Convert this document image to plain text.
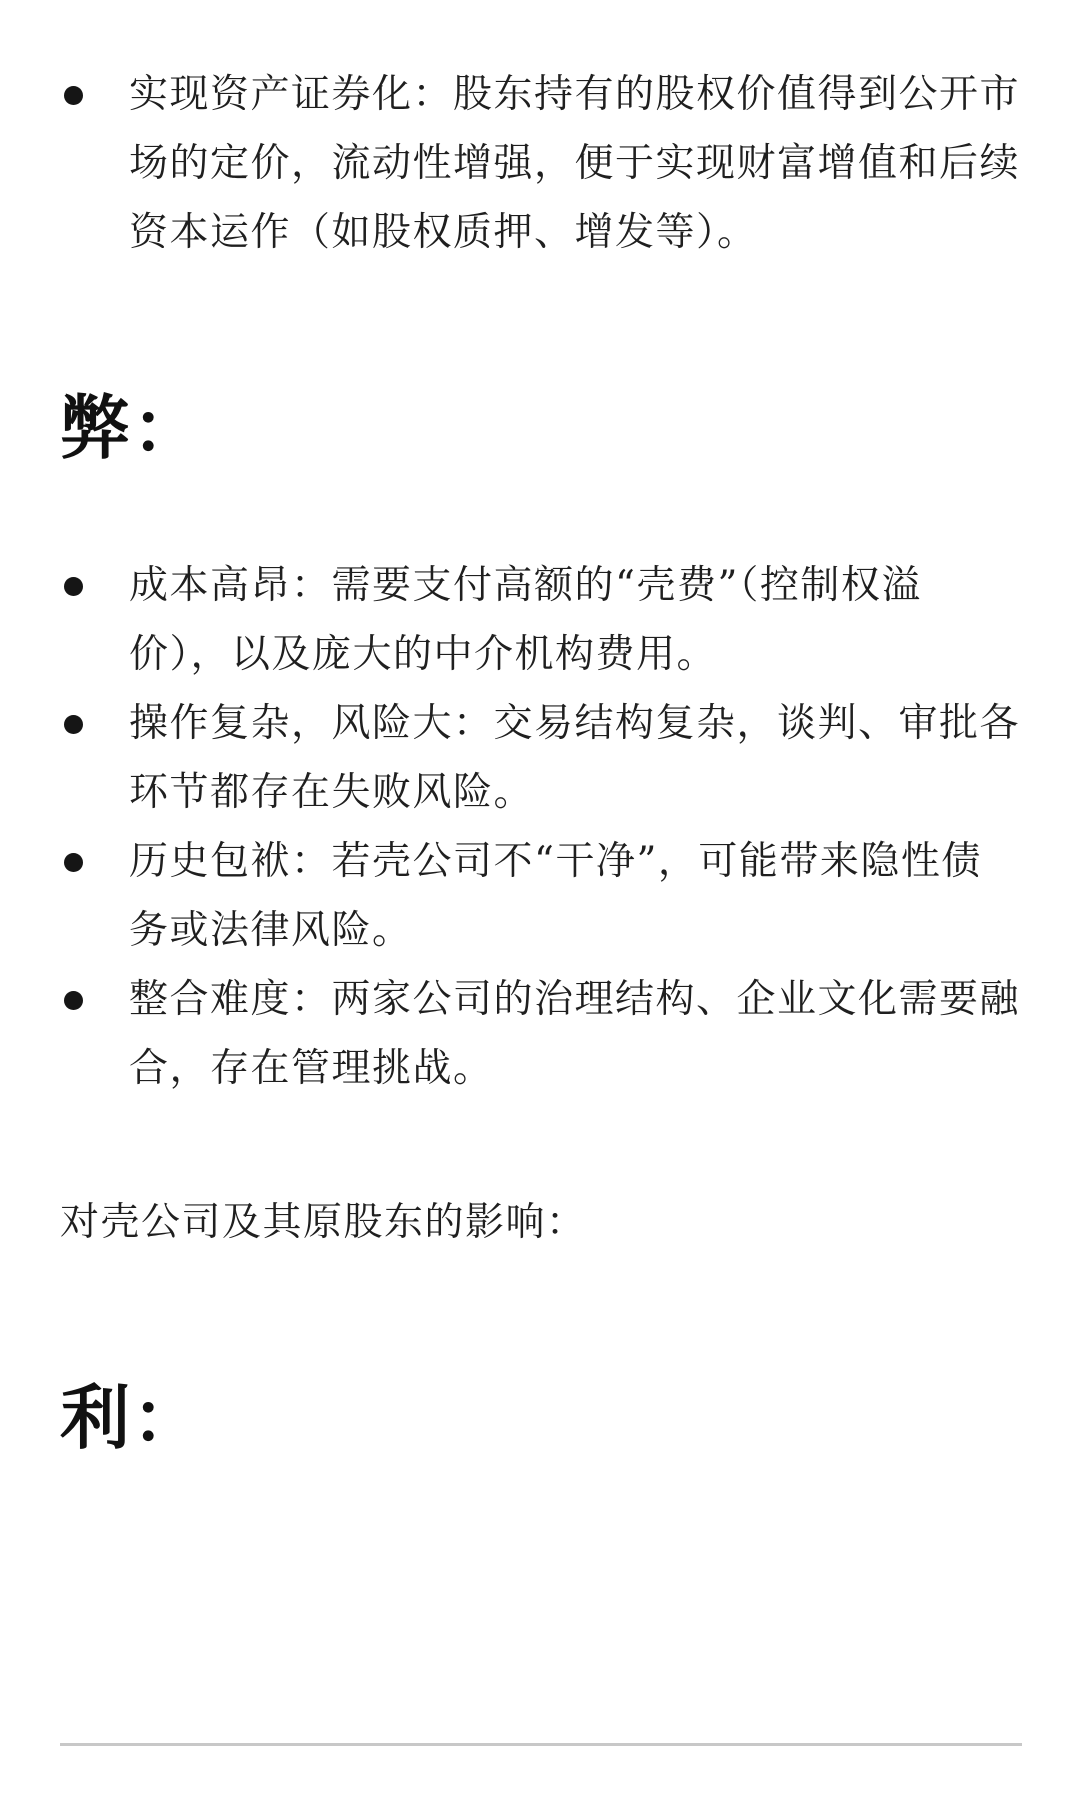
实现资产证券化：股东持有的股权价值得到公开市场的定价，流动性增强，便于实现财富增值和后续资本运作（如股权质押、增发等）。
弊：
成本高昂：需要支付高额的“壳费”（控制权溢价），以及庞大的中介机构费用。
操作复杂，风险大：交易结构复杂，谈判、审批各环节都存在失败风险。
历史包袱：若壳公司不“干净”，可能带来隐性债务或法律风险。
整合难度：两家公司的治理结构、企业文化需要融合，存在管理挑战。

对壳公司及其原股东的影响：

利：
